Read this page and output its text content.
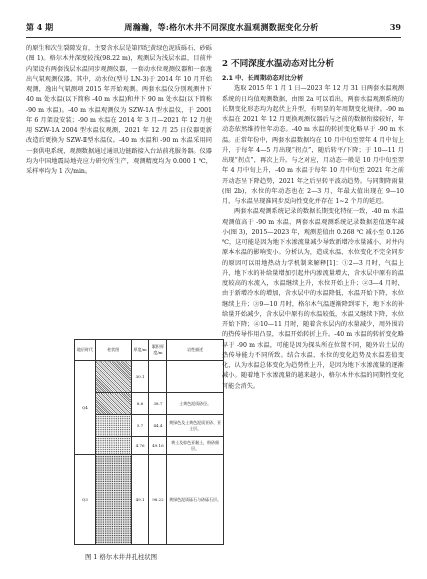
第 4 期	周瀚瀚，等:格尔木井不同深度水温观测数据变化分析	39

的原生和次生裂隙发育，主要含水层是第四纪黄绿色泥质砾石、砂砾(图 1)。格尔木井深度较浅(98.22 m)，观测层为浅层水温，目前井内架设有两套浅层水温同步观测仪器，一套动水位观测仪器和一套逸出气氡观测仪器。其中，动水位(型号 LN-3)于 2014 年 10 月开始观测，逸出气氡测项 2015 年开始观测。两套水温仪分别观测井下 40 m 处水温(以下简称 -40 m 水温)和井下 90 m 处水温(以下简称 -90 m 水温)。-40 m 水温观测仪为 SZW-1A 型水温仪，于 2001 年 6 月架设安装；-90 m 水温在 2014 年 3 月—2021 年 12 月使用 SZW-1A 2004 型水温仪观测，2021 年 12 月 25 日仪器更新改造后更换为 SZW-Ⅱ型水温仪。-40 m 水温和 -90 m 水温采用同一套供电系统，观测数据通过通讯边链路接入台站前兆服务器。仪器均为中国地震局地壳应力研究所生产，观测精度均为 0.000 1 ℃，采样率均为 1 次/min。

地层时代	柱状图	厚度/m	累积厚度/m	岩性描述
Q4		30.1		
		8.6	38.7	土黄色泥质砂径。
		5.7	44.4	黄绿色及土黄色泥质亚砂、亚土层。
		4.76	49.16	黄土及棕色亚黏土，粉砂细层。
Q3		49.1	98.22	黄绿色泥质砾石与砂砾石层。
图 1 格尔木井井孔柱状图
2 不同深度水温动态对比分析

2.1 中、长周期动态对比分析

选取 2015 年 1 月 1 日—2023 年 12 月 31 日两套水温观测系统的日均值观测数据，由图 2a 可以看出，两套水温观测系统的长期变化形态均为起伏上升型，有明显的年周期变化规律。-90 m 水温在 2021 年 12 月更换观测仪器后与之前的数据衔接较好，年动态依然维持往年动态。-40 m 水温的转折变化略早于 -90 m 水温。正常年份中，两套水温数据均在 10 月中旬至翌年 4 月中旬上升，于每年 4—5 月出现“拐点”，随后转平/下降；于 10—11 月出现“拐点”，再次上升。与之对应，月动态一般是 10 月中旬至翌年 4 月中旬上升，-40 m 水温于每年 10 月中旬至 2021 年之前开动态呈下降趋势，2021 年之后呈转平波动趋势。与同期降雨量(图 2b)，水位的年动态也在 2—3 月，年最大值出现在 9—10 月，与水温呈现准同步反向性变化并存在 1~2 个月的延迟。

两套水温观测系统记录的数据长期变化特征一致，-40 m 水温观测值高于 -90 m 水温，两套水温观测系统记录数据差值逐年减小(图 3)，2015—2023 年，观测差值由 0.268 ℃ 减小至 0.126 ℃，这可能是因为地下水渗流量减少导致新增冷水量减小，对井内原本水温的影响变小。分析认为，造成水温、水位变化不完全同步的原因可以用地热动力学机制来解释[1]：①2—3 月时，气温上升，地下水的补给量增加引起井内渗流量增大，含水层中原有的温度较高的水流入，水温继续上升，水位开始上升；②3—4 月时，由于新增冷水的增加，含水层中的水温降低，水温开始下降，水位继续上升；③9—10 月时，格尔木气温逐渐降到零下，地下水的补给量开始减少，含水层中原有的水温较低，水温又继续下降，水位开始下降；④10—11 月时，随着含水层内的水量减少，周外围岩的热传导作用凸显，水温开始转折上升。-40 m 水温的转折变化略早于 -90 m 水温，可能是因为探头所在位置不同，随外岩土层的热传导能力不同所致。结合水温、水位的变化趋势及水温差值变化，认为水温总体变化为趋势性上升，是因为地下水渗流量的逐渐减小。随着地下水渗流量的越来越小，格尔木井水温的同期性变化可能会消失。
